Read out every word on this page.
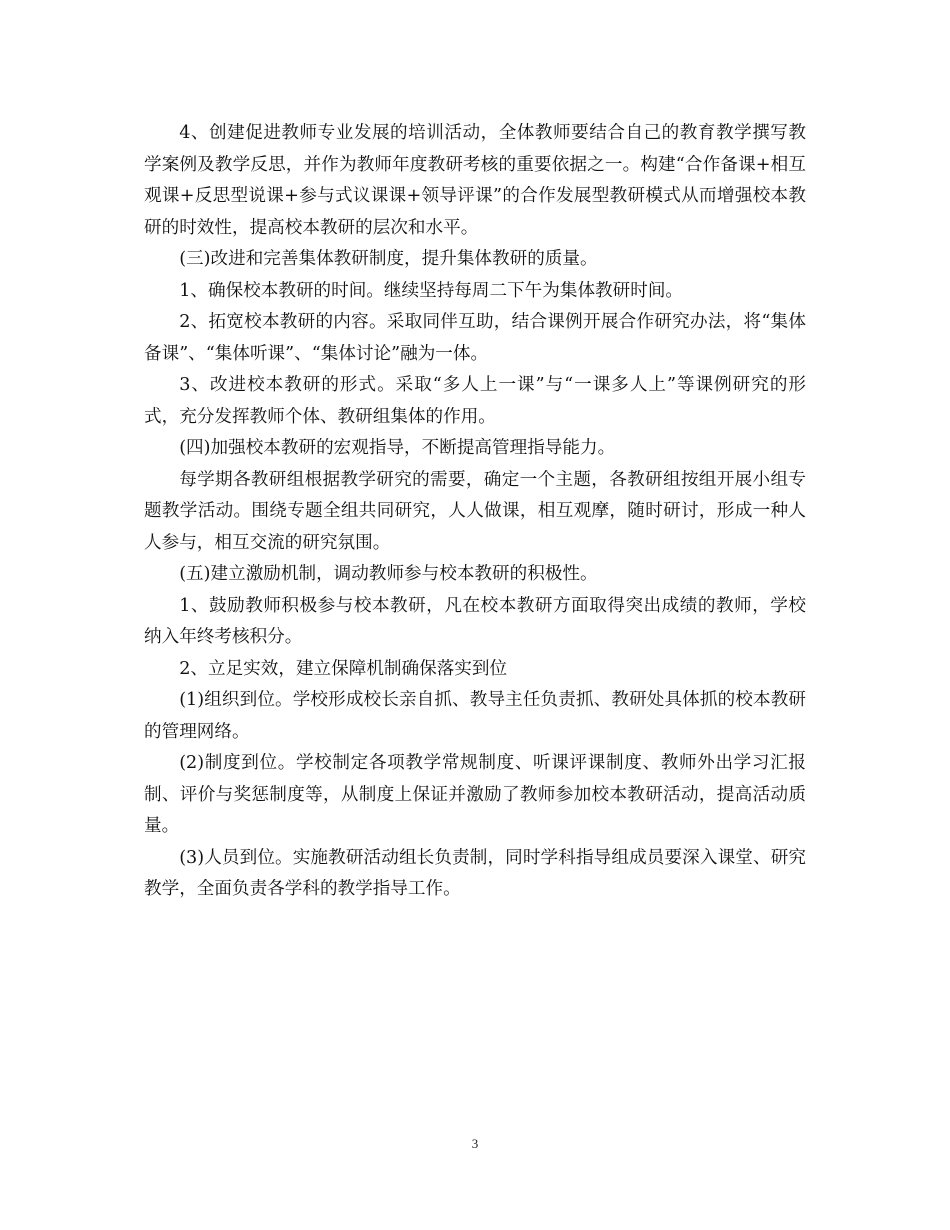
4、创建促进教师专业发展的培训活动，全体教师要结合自己的教育教学撰写教学案例及教学反思，并作为教师年度教研考核的重要依据之一。构建“合作备课+相互观课+反思型说课+参与式议课课+领导评课”的合作发展型教研模式从而增强校本教研的时效性，提高校本教研的层次和水平。

(三)改进和完善集体教研制度，提升集体教研的质量。

1、确保校本教研的时间。继续坚持每周二下午为集体教研时间。

2、拓宽校本教研的内容。采取同伴互助，结合课例开展合作研究办法，将“集体备课”、“集体听课”、“集体讨论”融为一体。

3、改进校本教研的形式。采取“多人上一课”与“一课多人上”等课例研究的形式，充分发挥教师个体、教研组集体的作用。

(四)加强校本教研的宏观指导，不断提高管理指导能力。

每学期各教研组根据教学研究的需要，确定一个主题，各教研组按组开展小组专题教学活动。围绕专题全组共同研究，人人做课，相互观摩，随时研讨，形成一种人人参与，相互交流的研究氛围。

(五)建立激励机制，调动教师参与校本教研的积极性。

1、鼓励教师积极参与校本教研，凡在校本教研方面取得突出成绩的教师，学校纳入年终考核积分。

2、立足实效，建立保障机制确保落实到位

(1)组织到位。学校形成校长亲自抓、教导主任负责抓、教研处具体抓的校本教研的管理网络。

(2)制度到位。学校制定各项教学常规制度、听课评课制度、教师外出学习汇报制、评价与奖惩制度等，从制度上保证并激励了教师参加校本教研活动，提高活动质量。

(3)人员到位。实施教研活动组长负责制，同时学科指导组成员要深入课堂、研究教学，全面负责各学科的教学指导工作。

3
